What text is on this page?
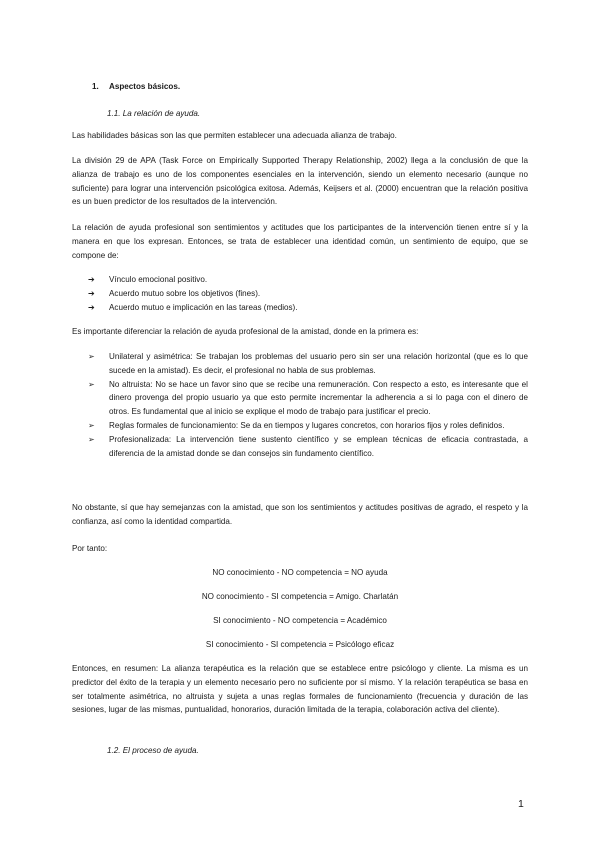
1. Aspectos básicos.
1.1. La relación de ayuda.

Las habilidades básicas son las que permiten establecer una adecuada alianza de trabajo.

La división 29 de APA (Task Force on Empirically Supported Therapy Relationship, 2002) llega a la conclusión de que la alianza de trabajo es uno de los componentes esenciales en la intervención, siendo un elemento necesario (aunque no suficiente) para lograr una intervención psicológica exitosa. Además, Keijsers et al. (2000) encuentran que la relación positiva es un buen predictor de los resultados de la intervención.

La relación de ayuda profesional son sentimientos y actitudes que los participantes de la intervención tienen entre sí y la manera en que los expresan. Entonces, se trata de establecer una identidad común, un sentimiento de equipo, que se compone de:

➔ Vínculo emocional positivo.
➔ Acuerdo mutuo sobre los objetivos (fines).
➔ Acuerdo mutuo e implicación en las tareas (medios).

Es importante diferenciar la relación de ayuda profesional de la amistad, donde en la primera es:

➢ Unilateral y asimétrica: Se trabajan los problemas del usuario pero sin ser una relación horizontal (que es lo que sucede en la amistad). Es decir, el profesional no habla de sus problemas.
➢ No altruista: No se hace un favor sino que se recibe una remuneración. Con respecto a esto, es interesante que el dinero provenga del propio usuario ya que esto permite incrementar la adherencia a si lo paga con el dinero de otros. Es fundamental que al inicio se explique el modo de trabajo para justificar el precio.
➢ Reglas formales de funcionamiento: Se da en tiempos y lugares concretos, con horarios fijos y roles definidos.
➢ Profesionalizada: La intervención tiene sustento científico y se emplean técnicas de eficacia contrastada, a diferencia de la amistad donde se dan consejos sin fundamento científico.

No obstante, sí que hay semejanzas con la amistad, que son los sentimientos y actitudes positivas de agrado, el respeto y la confianza, así como la identidad compartida.

Por tanto:

NO conocimiento - NO competencia = NO ayuda
NO conocimiento - SI competencia = Amigo. Charlatán
SI conocimiento - NO competencia = Académico
SI conocimiento - SI competencia = Psicólogo eficaz

Entonces, en resumen: La alianza terapéutica es la relación que se establece entre psicólogo y cliente. La misma es un predictor del éxito de la terapia y un elemento necesario pero no suficiente por sí mismo. Y la relación terapéutica se basa en ser totalmente asimétrica, no altruista y sujeta a unas reglas formales de funcionamiento (frecuencia y duración de las sesiones, lugar de las mismas, puntualidad, honorarios, duración limitada de la terapia, colaboración activa del cliente).

1.2. El proceso de ayuda.
1
